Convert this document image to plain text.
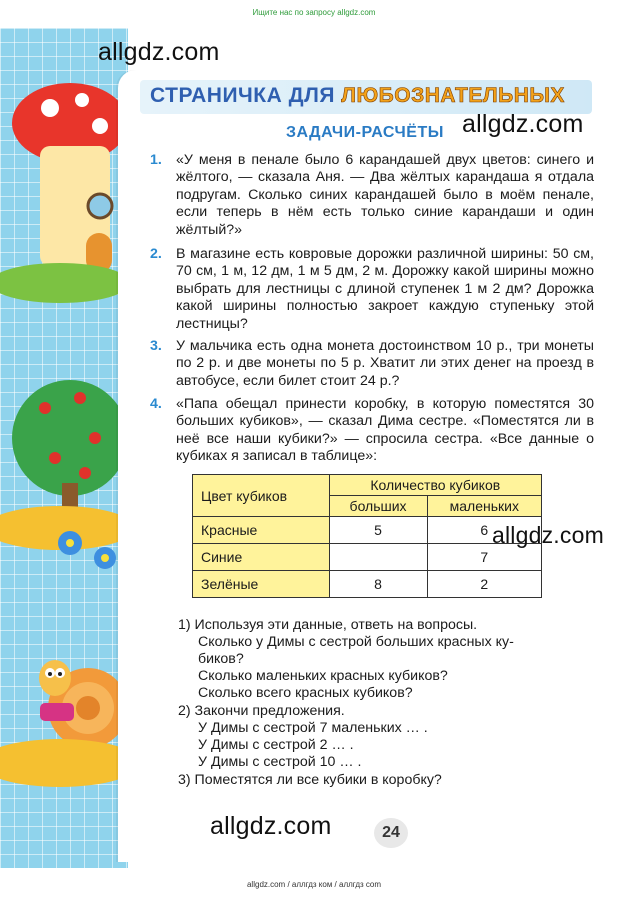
Ищите нас по запросу allgdz.com
СТРАНИЧКА ДЛЯ ЛЮБОЗНАТЕЛЬНЫХ
ЗАДАЧИ-РАСЧЁТЫ
1. «У меня в пенале было 6 карандашей двух цветов: синего и жёлтого, — сказала Аня. — Два жёлтых карандаша я отдала подругам. Сколько синих карандашей было в моём пенале, если теперь в нём есть только синие карандаши и один жёлтый?»
2. В магазине есть ковровые дорожки различной ширины: 50 см, 70 см, 1 м, 12 дм, 1 м 5 дм, 2 м. Дорожку какой ширины можно выбрать для лестницы с длиной ступенек 1 м 2 дм? Дорожка какой ширины полностью закроет каждую ступеньку этой лестницы?
3. У мальчика есть одна монета достоинством 10 р., три монеты по 2 р. и две монеты по 5 р. Хватит ли этих денег на проезд в автобусе, если билет стоит 24 р.?
4. «Папа обещал принести коробку, в которую поместятся 30 больших кубиков», — сказал Дима сестре. «Поместятся ли в неё все наши кубики?» — спросила сестра. «Все данные о кубиках я записал в таблице»:
Цвет кубиков	Количество кубиков	
	больших	маленьких
Красные	5	6
Синие		7
Зелёные	8	2
1) Используя эти данные, ответь на вопросы.
Сколько у Димы с сестрой больших красных ку-
биков?
Сколько маленьких красных кубиков?
Сколько всего красных кубиков?
2) Закончи предложения.
У Димы с сестрой 7 маленьких … .
У Димы с сестрой 2 … .
У Димы с сестрой 10 … .
3) Поместятся ли все кубики в коробку?
24
allgdz.com
allgdz.com
allgdz.com
allgdz.com
allgdz.com / аллгдз ком / аллгдз com
